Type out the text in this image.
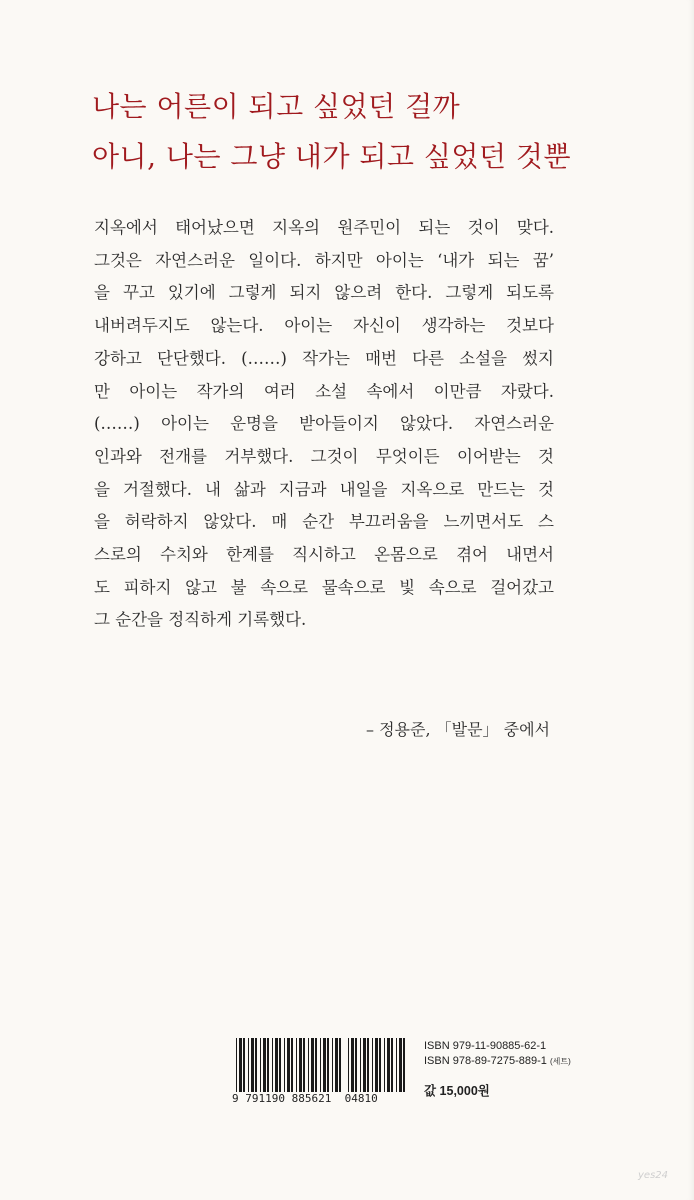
나는 어른이 되고 싶었던 걸까
아니, 나는 그냥 내가 되고 싶었던 것뿐
지옥에서 태어났으면 지옥의 원주민이 되는 것이 맞다.
그것은 자연스러운 일이다. 하지만 아이는 ‘내가 되는 꿈’
을 꾸고 있기에 그렇게 되지 않으려 한다. 그렇게 되도록
내버려두지도 않는다. 아이는 자신이 생각하는 것보다
강하고 단단했다. (……) 작가는 매번 다른 소설을 썼지
만 아이는 작가의 여러 소설 속에서 이만큼 자랐다.
(……) 아이는 운명을 받아들이지 않았다. 자연스러운
인과와 전개를 거부했다. 그것이 무엇이든 이어받는 것
을 거절했다. 내 삶과 지금과 내일을 지옥으로 만드는 것
을 허락하지 않았다. 매 순간 부끄러움을 느끼면서도 스
스로의 수치와 한계를 직시하고 온몸으로 겪어 내면서
도 피하지 않고 불 속으로 물속으로 빛 속으로 걸어갔고
그 순간을 정직하게 기록했다.
– 정용준, 「발문」 중에서
9 791190 885621  04810
ISBN 979-11-90885-62-1
ISBN 978-89-7275-889-1 (세트)
값 15,000원
yes24
